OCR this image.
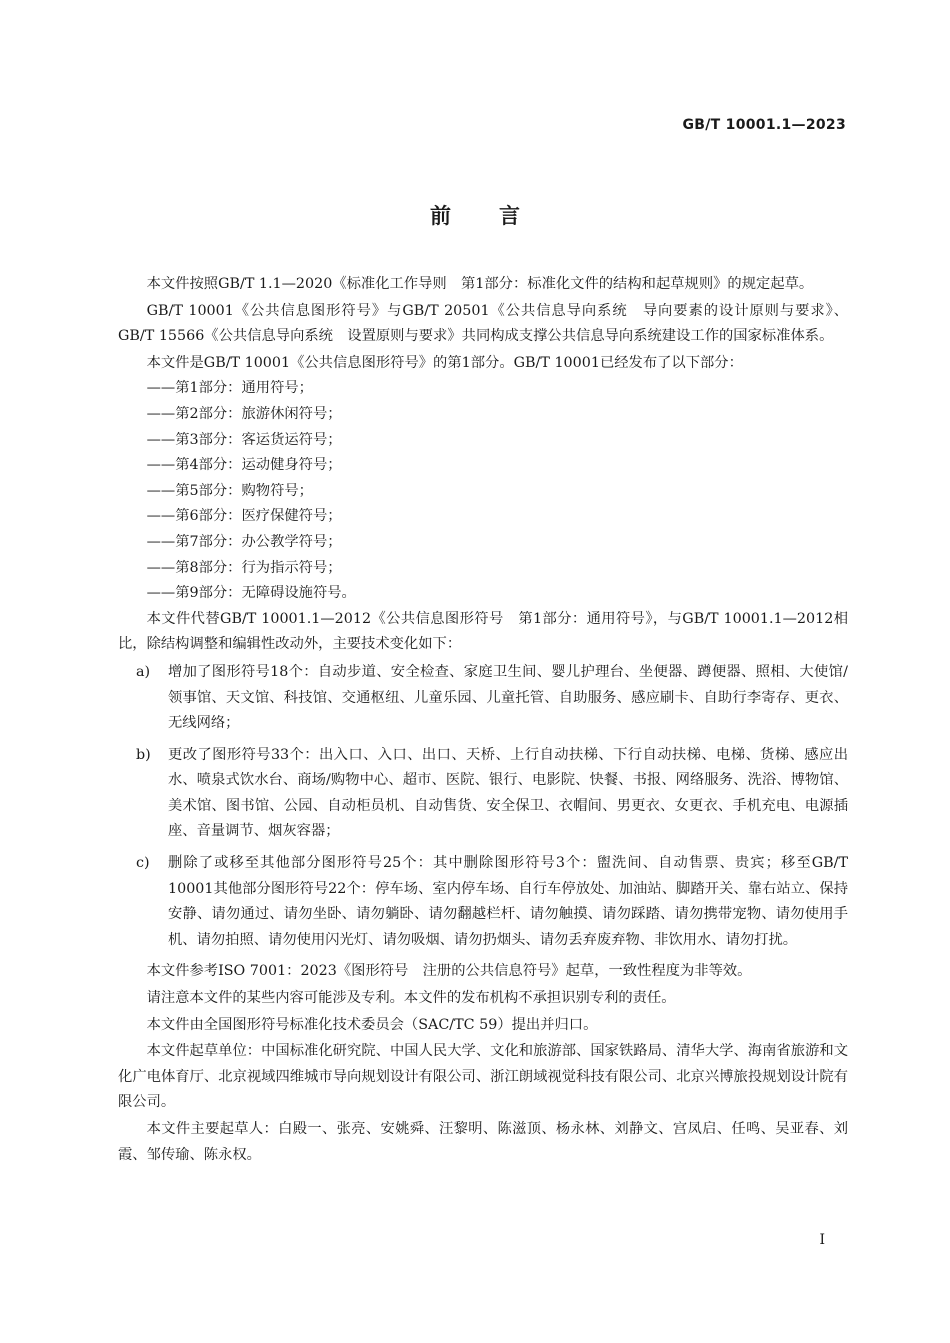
GB/T 10001.1—2023
前言

本文件按照GB/T 1.1—2020《标准化工作导则　第1部分：标准化文件的结构和起草规则》的规定起草。

GB/T 10001《公共信息图形符号》与GB/T 20501《公共信息导向系统　导向要素的设计原则与要求》、GB/T 15566《公共信息导向系统　设置原则与要求》共同构成支撑公共信息导向系统建设工作的国家标准体系。

本文件是GB/T 10001《公共信息图形符号》的第1部分。GB/T 10001已经发布了以下部分：

——第1部分：通用符号；

——第2部分：旅游休闲符号；

——第3部分：客运货运符号；

——第4部分：运动健身符号；

——第5部分：购物符号；

——第6部分：医疗保健符号；

——第7部分：办公教学符号；

——第8部分：行为指示符号；

——第9部分：无障碍设施符号。

本文件代替GB/T 10001.1—2012《公共信息图形符号　第1部分：通用符号》，与GB/T 10001.1—2012相比，除结构调整和编辑性改动外，主要技术变化如下：

a) 增加了图形符号18个：自动步道、安全检查、家庭卫生间、婴儿护理台、坐便器、蹲便器、照相、大使馆/领事馆、天文馆、科技馆、交通枢纽、儿童乐园、儿童托管、自助服务、感应刷卡、自助行李寄存、更衣、无线网络；
b) 更改了图形符号33个：出入口、入口、出口、天桥、上行自动扶梯、下行自动扶梯、电梯、货梯、感应出水、喷泉式饮水台、商场/购物中心、超市、医院、银行、电影院、快餐、书报、网络服务、洗浴、博物馆、美术馆、图书馆、公园、自动柜员机、自动售货、安全保卫、衣帽间、男更衣、女更衣、手机充电、电源插座、音量调节、烟灰容器；
c) 删除了或移至其他部分图形符号25个：其中删除图形符号3个：盥洗间、自动售票、贵宾；移至GB/T 10001其他部分图形符号22个：停车场、室内停车场、自行车停放处、加油站、脚踏开关、靠右站立、保持安静、请勿通过、请勿坐卧、请勿躺卧、请勿翻越栏杆、请勿触摸、请勿踩踏、请勿携带宠物、请勿使用手机、请勿拍照、请勿使用闪光灯、请勿吸烟、请勿扔烟头、请勿丢弃废弃物、非饮用水、请勿打扰。

本文件参考ISO 7001：2023《图形符号　注册的公共信息符号》起草，一致性程度为非等效。

请注意本文件的某些内容可能涉及专利。本文件的发布机构不承担识别专利的责任。

本文件由全国图形符号标准化技术委员会（SAC/TC 59）提出并归口。

本文件起草单位：中国标准化研究院、中国人民大学、文化和旅游部、国家铁路局、清华大学、海南省旅游和文化广电体育厅、北京视域四维城市导向规划设计有限公司、浙江朗域视觉科技有限公司、北京兴博旅投规划设计院有限公司。

本文件主要起草人：白殿一、张亮、安姚舜、汪黎明、陈滋顶、杨永林、刘静文、宫凤启、任鸣、吴亚春、刘霞、邹传瑜、陈永权。

I
